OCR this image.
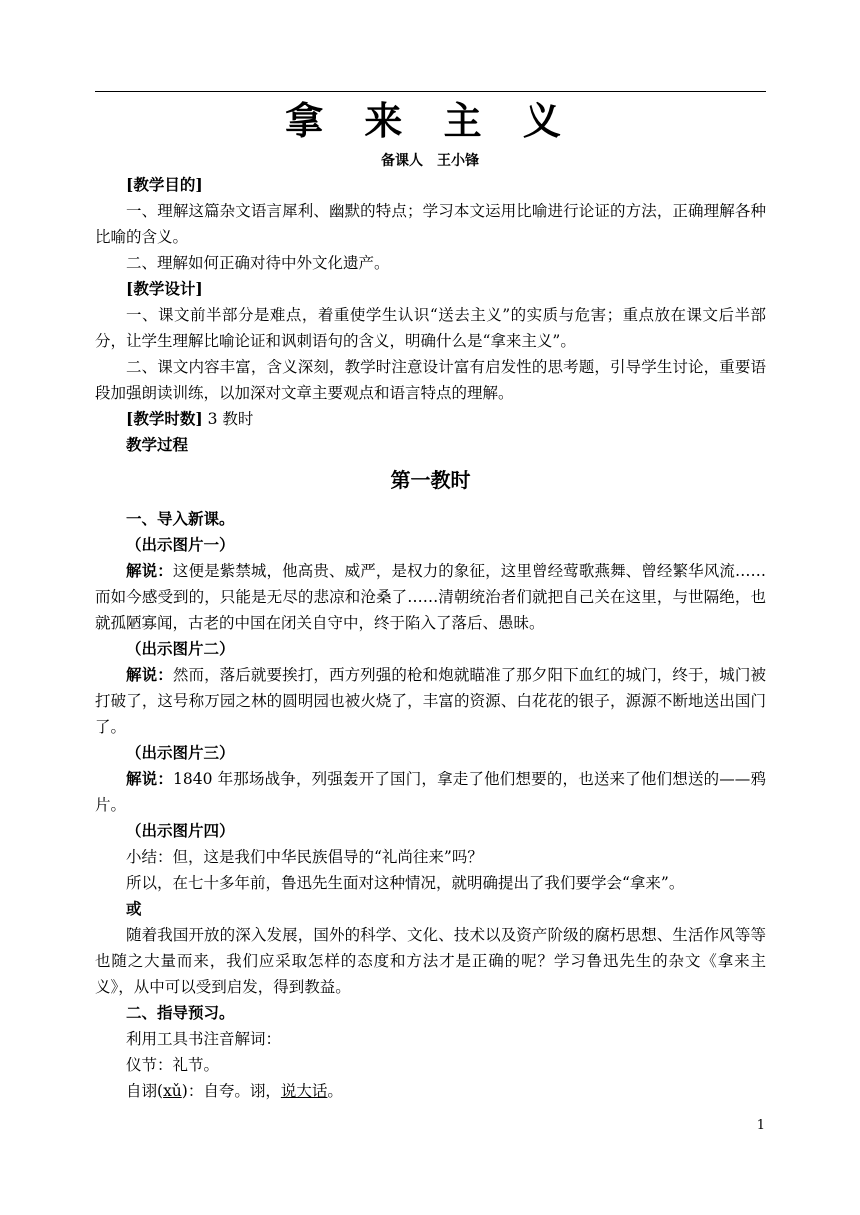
拿 来 主 义
备课人　王小锋

[教学目的]

一、理解这篇杂文语言犀利、幽默的特点；学习本文运用比喻进行论证的方法，正确理解各种比喻的含义。

二、理解如何正确对待中外文化遗产。

[教学设计]

一、课文前半部分是难点，着重使学生认识“送去主义”的实质与危害；重点放在课文后半部分，让学生理解比喻论证和讽刺语句的含义，明确什么是“拿来主义”。

二、课文内容丰富，含义深刻，教学时注意设计富有启发性的思考题，引导学生讨论，重要语段加强朗读训练，以加深对文章主要观点和语言特点的理解。

[教学时数] 3 教时

教学过程

第一教时

一、导入新课。

（出示图片一）

解说：这便是紫禁城，他高贵、威严，是权力的象征，这里曾经莺歌燕舞、曾经繁华风流……而如今感受到的，只能是无尽的悲凉和沧桑了……清朝统治者们就把自己关在这里，与世隔绝，也就孤陋寡闻，古老的中国在闭关自守中，终于陷入了落后、愚昧。

（出示图片二）

解说：然而，落后就要挨打，西方列强的枪和炮就瞄准了那夕阳下血红的城门，终于，城门被打破了，这号称万园之林的圆明园也被火烧了，丰富的资源、白花花的银子，源源不断地送出国门了。

（出示图片三）

解说：1840 年那场战争，列强轰开了国门，拿走了他们想要的，也送来了他们想送的——鸦片。

（出示图片四）

小结：但，这是我们中华民族倡导的“礼尚往来”吗？

所以，在七十多年前，鲁迅先生面对这种情况，就明确提出了我们要学会“拿来”。

或

随着我国开放的深入发展，国外的科学、文化、技术以及资产阶级的腐朽思想、生活作风等等也随之大量而来，我们应采取怎样的态度和方法才是正确的呢？学习鲁迅先生的杂文《拿来主义》，从中可以受到启发，得到教益。

二、指导预习。

利用工具书注音解词：

仪节：礼节。

自诩(xǔ)：自夸。诩，说大话。

1
